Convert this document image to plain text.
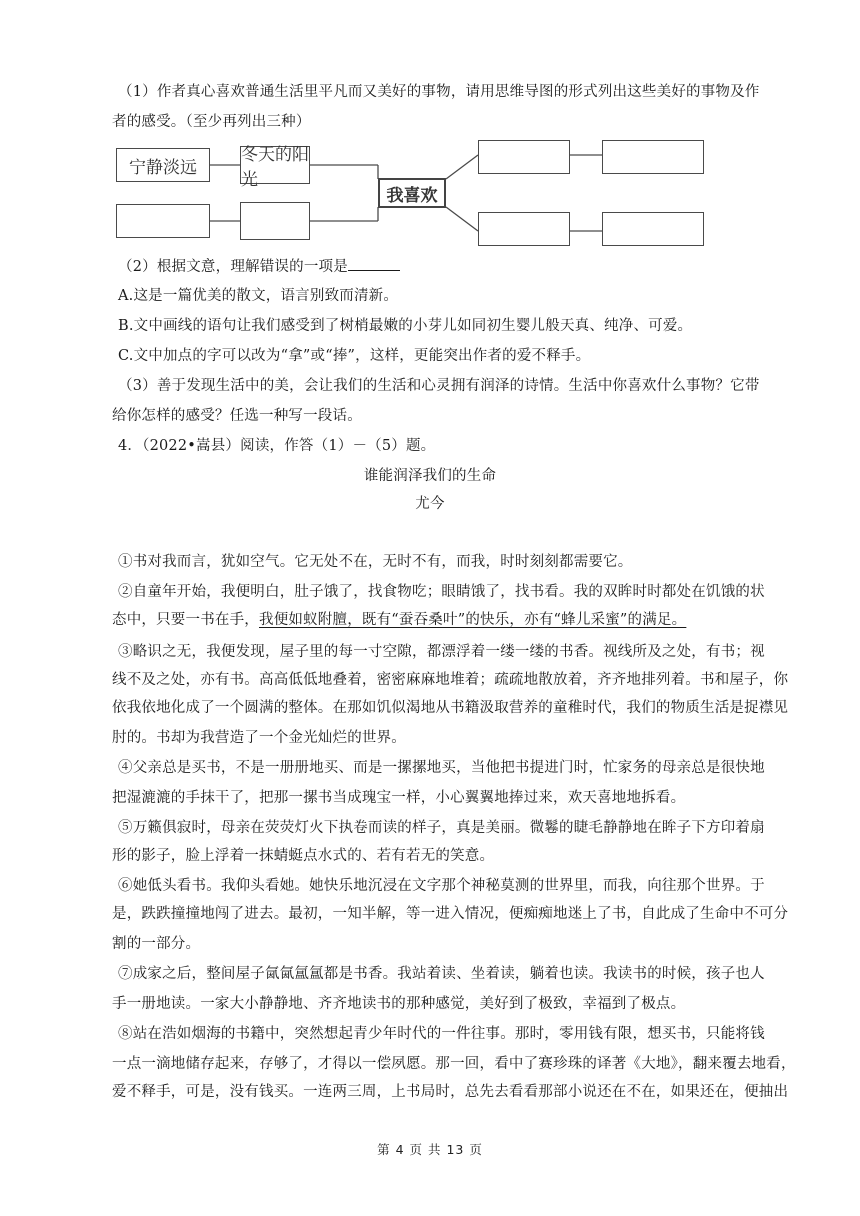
（1）作者真心喜欢普通生活里平凡而又美好的事物，请用思维导图的形式列出这些美好的事物及作
者的感受。（至少再列出三种）
宁静淡远
冬天的阳光
我喜欢
（2）根据文意，理解错误的一项是
A.这是一篇优美的散文，语言别致而清新。
B.文中画线的语句让我们感受到了树梢最嫩的小芽儿如同初生婴儿般天真、纯净、可爱。
C.文中加点的字可以改为“拿”或“捧”，这样，更能突出作者的爱不释手。
（3）善于发现生活中的美，会让我们的生活和心灵拥有润泽的诗情。生活中你喜欢什么事物？它带
给你怎样的感受？任选一种写一段话。
4．（2022•嵩县）阅读，作答（1）－（5）题。
谁能润泽我们的生命
尤今
①书对我而言，犹如空气。它无处不在，无时不有，而我，时时刻刻都需要它。
②自童年开始，我便明白，肚子饿了，找食物吃；眼睛饿了，找书看。我的双眸时时都处在饥饿的状
态中，只要一书在手，我便如蚁附膻，既有“蚕吞桑叶”的快乐，亦有“蜂儿采蜜”的满足。
③略识之无，我便发现，屋子里的每一寸空隙，都漂浮着一缕一缕的书香。视线所及之处，有书；视
线不及之处，亦有书。高高低低地叠着，密密麻麻地堆着；疏疏地散放着，齐齐地排列着。书和屋子，你
依我依地化成了一个圆满的整体。在那如饥似渴地从书籍汲取营养的童稚时代，我们的物质生活是捉襟见
肘的。书却为我营造了一个金光灿烂的世界。
④父亲总是买书，不是一册册地买、而是一摞摞地买，当他把书提进门时，忙家务的母亲总是很快地
把湿漉漉的手抹干了，把那一摞书当成瑰宝一样，小心翼翼地捧过来，欢天喜地地拆看。
⑤万籁俱寂时，母亲在荧荧灯火下执卷而读的样子，真是美丽。微鬈的睫毛静静地在眸子下方印着扇
形的影子，脸上浮着一抹蜻蜓点水式的、若有若无的笑意。
⑥她低头看书。我仰头看她。她快乐地沉浸在文字那个神秘莫测的世界里，而我，向往那个世界。于
是，跌跌撞撞地闯了进去。最初，一知半解，等一进入情况，便痴痴地迷上了书，自此成了生命中不可分
割的一部分。
⑦成家之后，整间屋子氤氤氲氲都是书香。我站着读、坐着读，躺着也读。我读书的时候，孩子也人
手一册地读。一家大小静静地、齐齐地读书的那种感觉，美好到了极致，幸福到了极点。
⑧站在浩如烟海的书籍中，突然想起青少年时代的一件往事。那时，零用钱有限，想买书，只能将钱
一点一滴地储存起来，存够了，才得以一偿夙愿。那一回，看中了赛珍珠的译著《大地》，翻来覆去地看，
爱不释手，可是，没有钱买。一连两三周，上书局时，总先去看看那部小说还在不在，如果还在，便抽出
第 4 页 共 13 页
